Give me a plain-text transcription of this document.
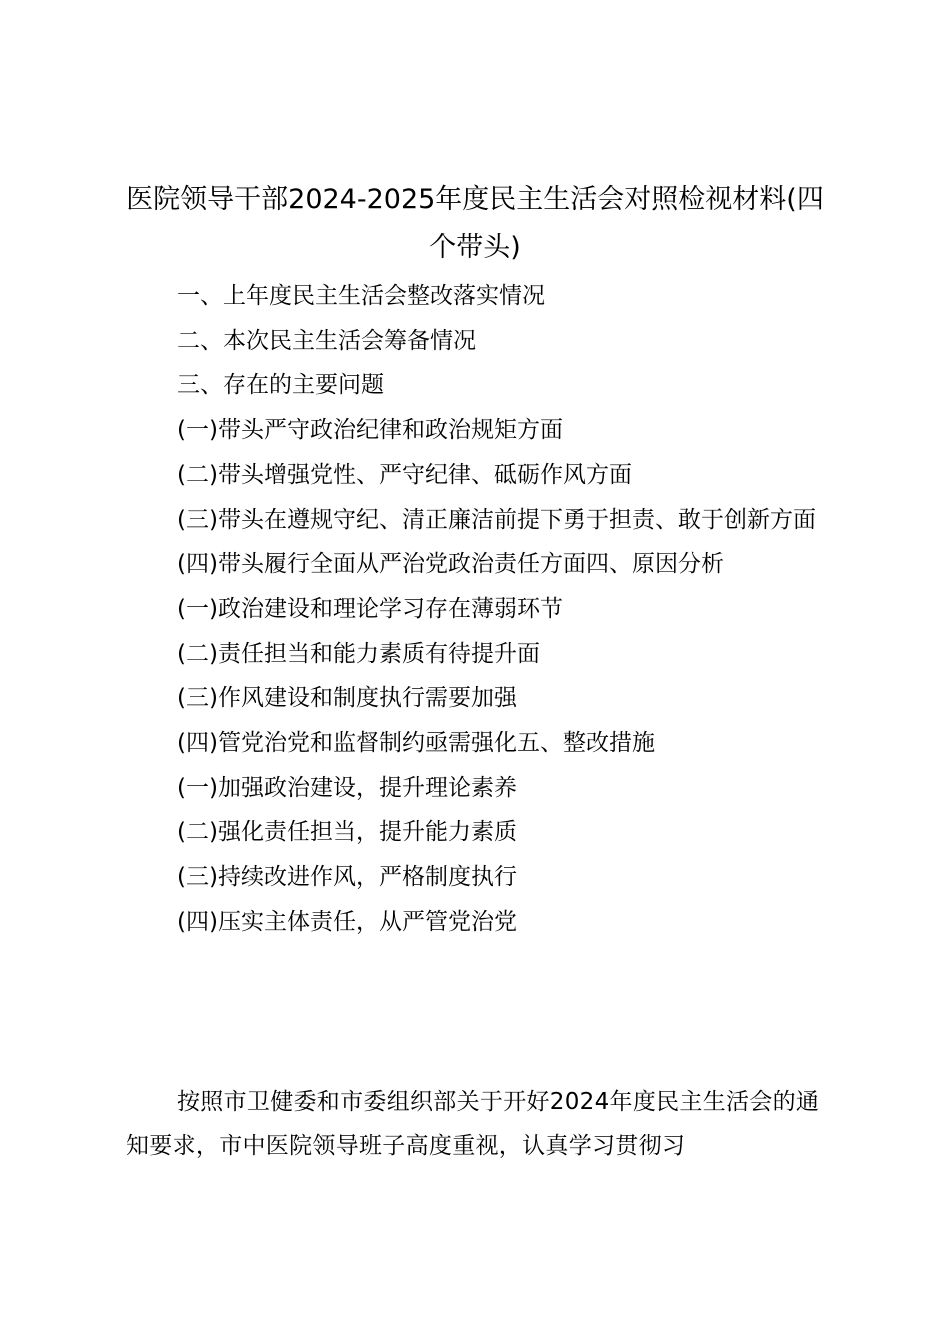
医院领导干部2024-2025年度民主生活会对照检视材料(四个带头)
一、上年度民主生活会整改落实情况
二、本次民主生活会筹备情况
三、存在的主要问题
(一)带头严守政治纪律和政治规矩方面
(二)带头增强党性、严守纪律、砥砺作风方面
(三)带头在遵规守纪、清正廉洁前提下勇于担责、敢于创新方面
(四)带头履行全面从严治党政治责任方面四、原因分析
(一)政治建设和理论学习存在薄弱环节
(二)责任担当和能力素质有待提升面
(三)作风建设和制度执行需要加强
(四)管党治党和监督制约亟需强化五、整改措施
(一)加强政治建设，提升理论素养
(二)强化责任担当，提升能力素质
(三)持续改进作风，严格制度执行
(四)压实主体责任，从严管党治党

按照市卫健委和市委组织部关于开好2024年度民主生活会的通知要求，市中医院领导班子高度重视，认真学习贯彻习
